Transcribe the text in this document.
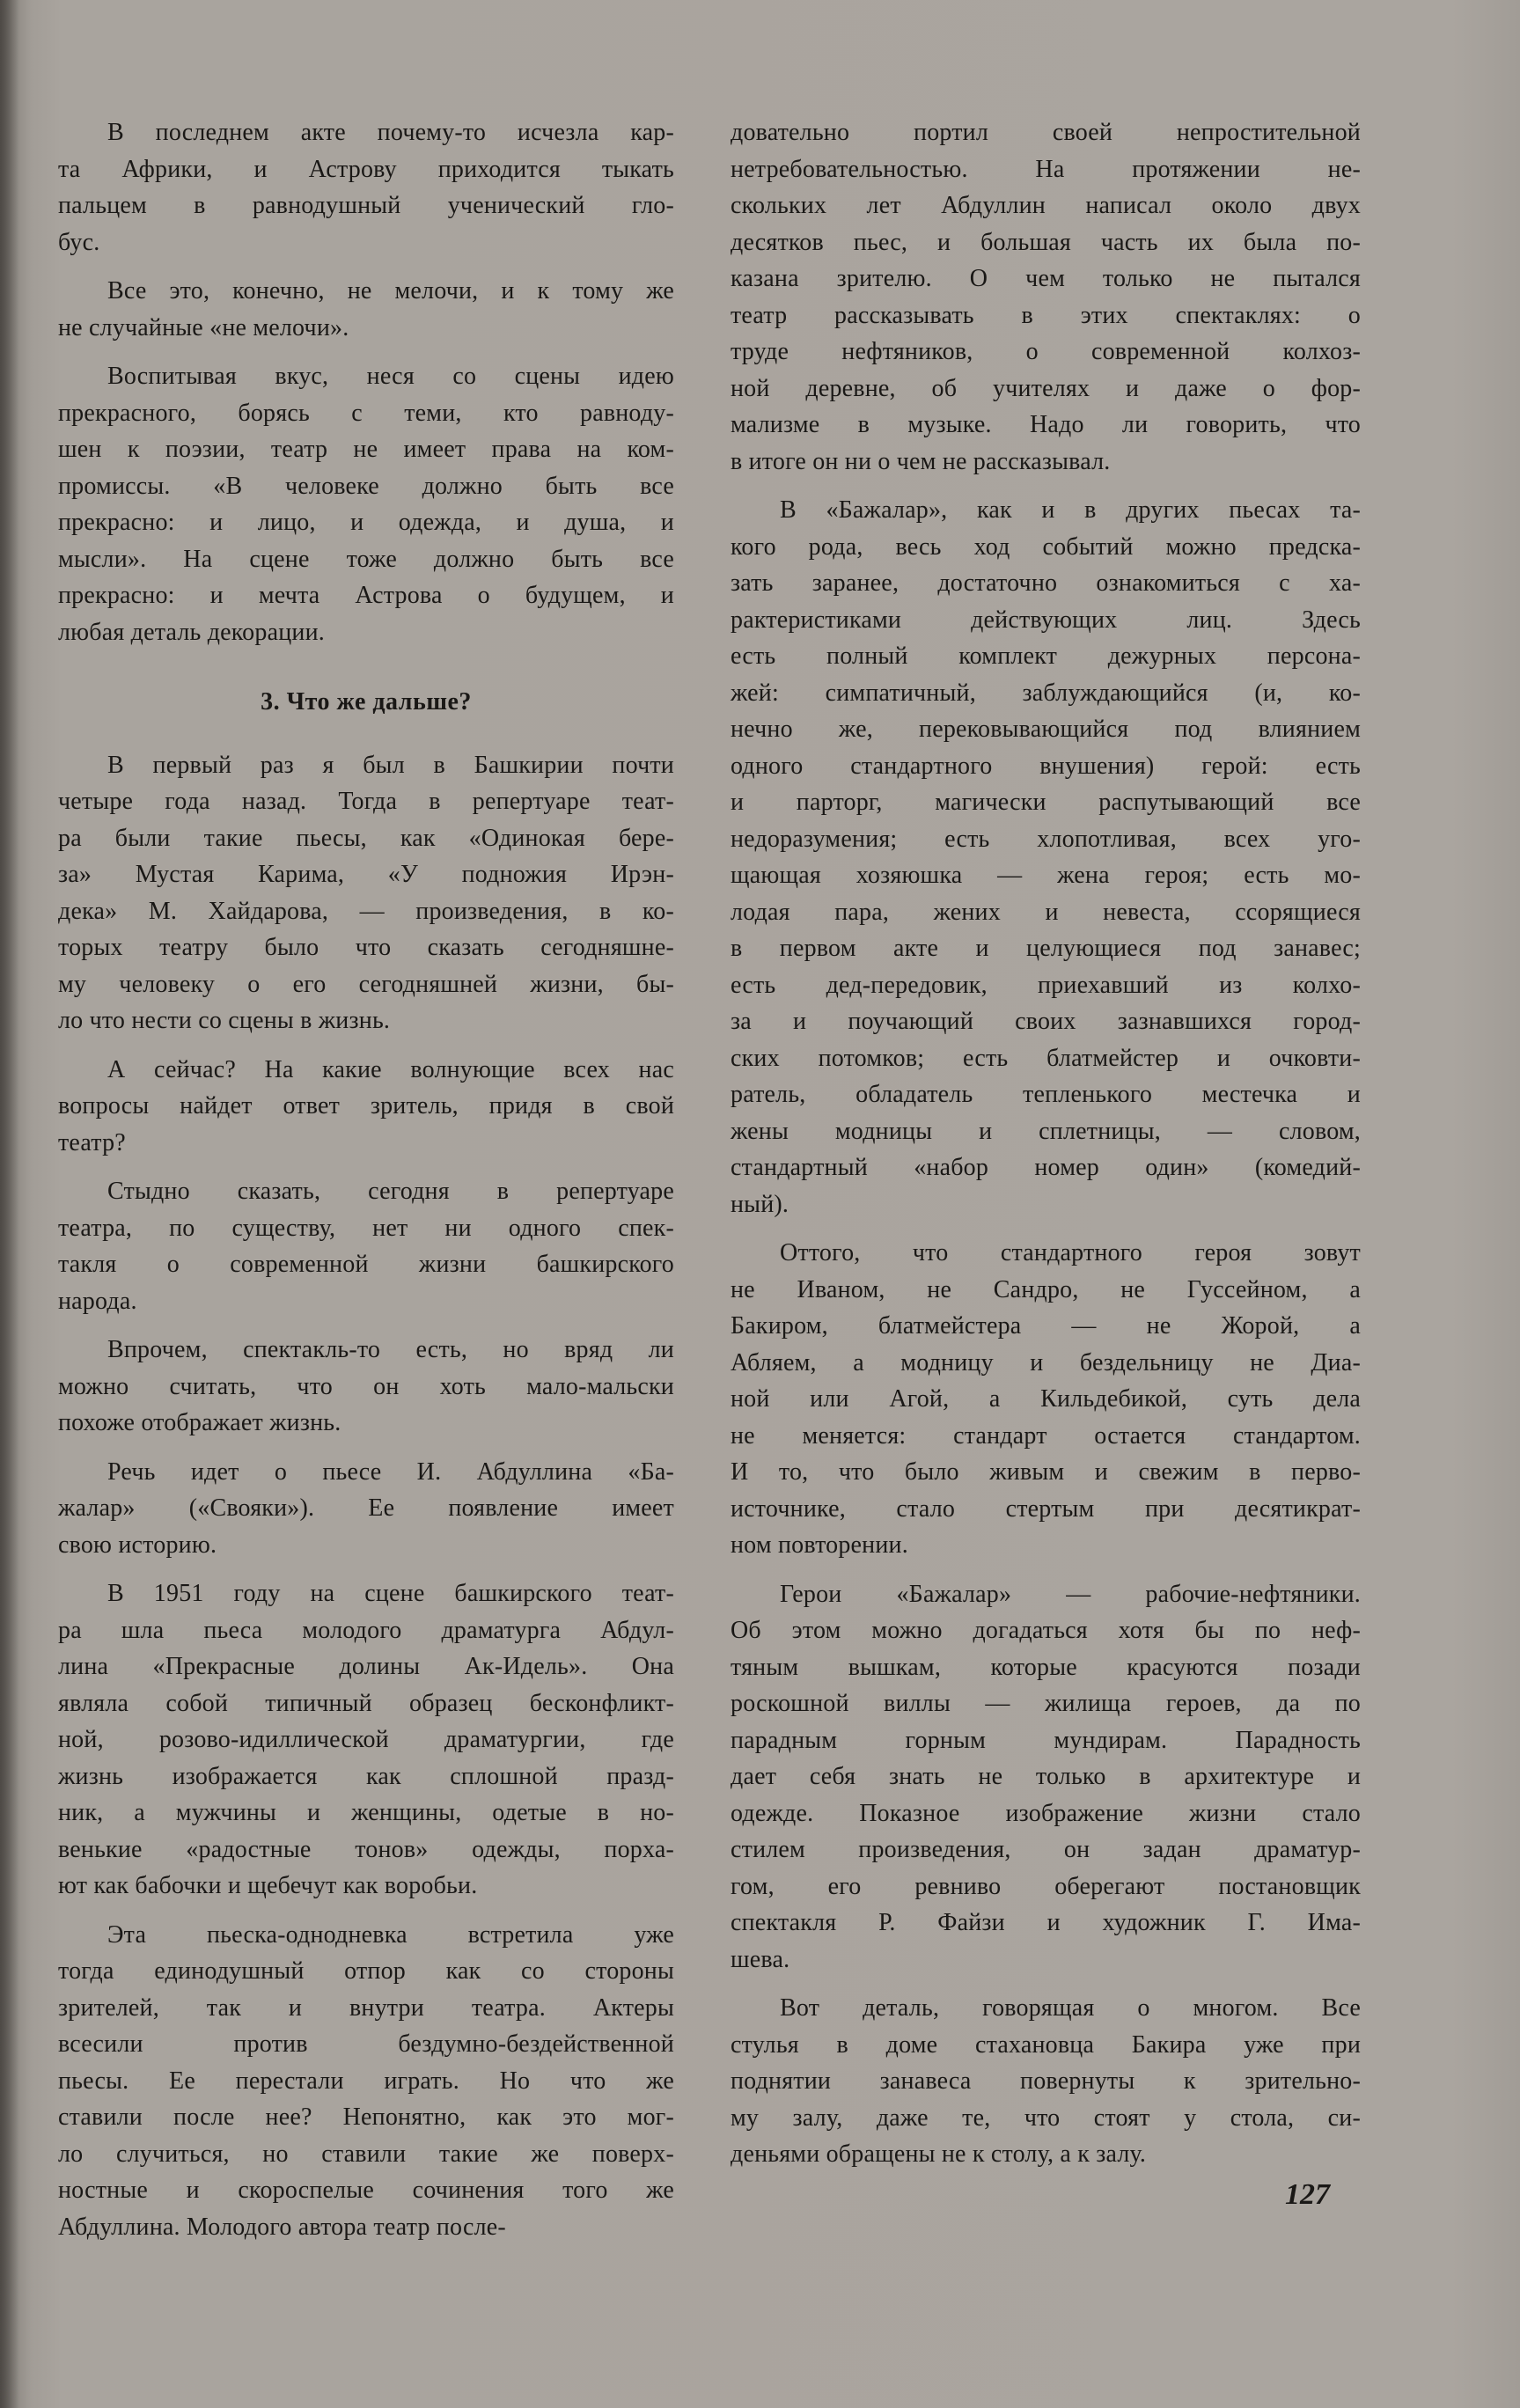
В последнем акте почему-то исчезла кар-
та Африки, и Астрову приходится тыкать
пальцем в равнодушный ученический гло-
бус.
Все это, конечно, не мелочи, и к тому же
не случайные «не мелочи».
Воспитывая вкус, неся со сцены идею
прекрасного, борясь с теми, кто равноду-
шен к поэзии, театр не имеет права на ком-
промиссы. «В человеке должно быть все
прекрасно: и лицо, и одежда, и душа, и
мысли». На сцене тоже должно быть все
прекрасно: и мечта Астрова о будущем, и
любая деталь декорации.
3. Что же дальше?
В первый раз я был в Башкирии почти
четыре года назад. Тогда в репертуаре теат-
ра были такие пьесы, как «Одинокая бере-
за» Мустая Карима, «У подножия Ирэн-
дека» М. Хайдарова, — произведения, в ко-
торых театру было что сказать сегодняшне-
му человеку о его сегодняшней жизни, бы-
ло что нести со сцены в жизнь.
А сейчас? На какие волнующие всех нас
вопросы найдет ответ зритель, придя в свой
театр?
Стыдно сказать, сегодня в репертуаре
театра, по существу, нет ни одного спек-
такля о современной жизни башкирского
народа.
Впрочем, спектакль-то есть, но вряд ли
можно считать, что он хоть мало-мальски
похоже отображает жизнь.
Речь идет о пьесе И. Абдуллина «Ба-
жалар» («Свояки»). Ее появление имеет
свою историю.
В 1951 году на сцене башкирского теат-
ра шла пьеса молодого драматурга Абдул-
лина «Прекрасные долины Ак-Идель». Она
являла собой типичный образец бесконфликт-
ной, розово-идиллической драматургии, где
жизнь изображается как сплошной празд-
ник, а мужчины и женщины, одетые в но-
венькие «радостные тонов» одежды, порха-
ют как бабочки и щебечут как воробьи.
Эта пьеска-однодневка встретила уже
тогда единодушный отпор как со стороны
зрителей, так и внутри театра. Актеры
всесили против бездумно-бездейственной
пьесы. Ее перестали играть. Но что же
ставили после нее? Непонятно, как это мог-
ло случиться, но ставили такие же поверх-
ностные и скороспелые сочинения того же
Абдуллина. Молодого автора театр после-
довательно портил своей непростительной
нетребовательностью. На протяжении не-
скольких лет Абдуллин написал около двух
десятков пьес, и большая часть их была по-
казана зрителю. О чем только не пытался
театр рассказывать в этих спектаклях: о
труде нефтяников, о современной колхоз-
ной деревне, об учителях и даже о фор-
мализме в музыке. Надо ли говорить, что
в итоге он ни о чем не рассказывал.
В «Бажалар», как и в других пьесах та-
кого рода, весь ход событий можно предска-
зать заранее, достаточно ознакомиться с ха-
рактеристиками действующих лиц. Здесь
есть полный комплект дежурных персона-
жей: симпатичный, заблуждающийся (и, ко-
нечно же, перековывающийся под влиянием
одного стандартного внушения) герой: есть
и парторг, магически распутывающий все
недоразумения; есть хлопотливая, всех уго-
щающая хозяюшка — жена героя; есть мо-
лодая пара, жених и невеста, ссорящиеся
в первом акте и целующиеся под занавес;
есть дед-передовик, приехавший из колхо-
за и поучающий своих зазнавшихся город-
ских потомков; есть блатмейстер и очковти-
ратель, обладатель тепленького местечка и
жены модницы и сплетницы, — словом,
стандартный «набор номер один» (комедий-
ный).
Оттого, что стандартного героя зовут
не Иваном, не Сандро, не Гуссейном, а
Бакиром, блатмейстера — не Жорой, а
Абляем, а модницу и бездельницу не Диа-
ной или Агой, а Кильдебикой, суть дела
не меняется: стандарт остается стандартом.
И то, что было живым и свежим в перво-
источнике, стало стертым при десятикрат-
ном повторении.
Герои «Бажалар» — рабочие-нефтяники.
Об этом можно догадаться хотя бы по неф-
тяным вышкам, которые красуются позади
роскошной виллы — жилища героев, да по
парадным горным мундирам. Парадность
дает себя знать не только в архитектуре и
одежде. Показное изображение жизни стало
стилем произведения, он задан драматур-
гом, его ревниво оберегают постановщик
спектакля Р. Файзи и художник Г. Има-
шева.
Вот деталь, говорящая о многом. Все
стулья в доме стахановца Бакира уже при
поднятии занавеса повернуты к зрительно-
му залу, даже те, что стоят у стола, си-
деньями обращены не к столу, а к залу.
127
